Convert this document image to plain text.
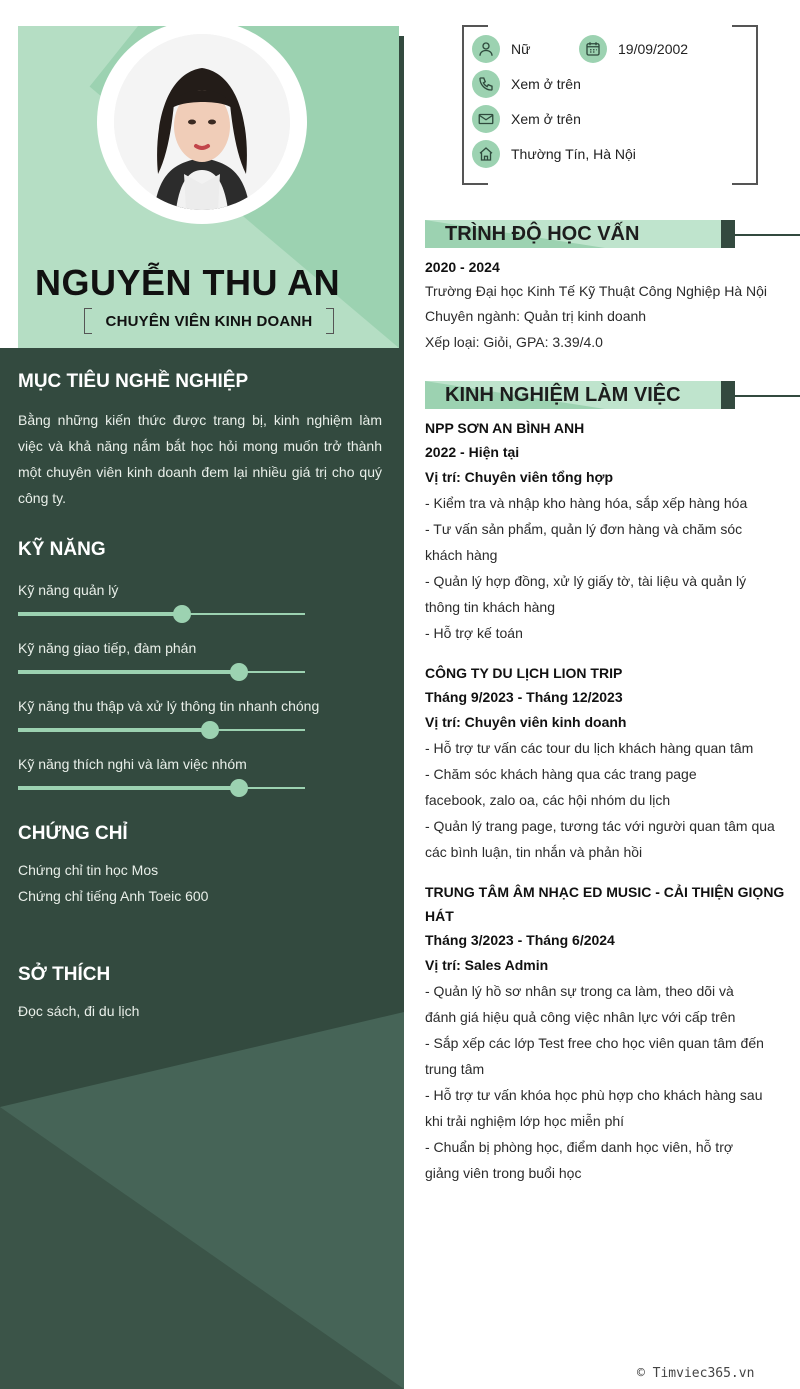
NGUYỄN THU AN
CHUYÊN VIÊN KINH DOANH
MỤC TIÊU NGHỀ NGHIỆP
Bằng những kiến thức được trang bị, kinh nghiệm làm việc và khả năng nắm bắt học hỏi mong muốn trở thành một chuyên viên kinh doanh đem lại nhiều giá trị cho quý công ty.
KỸ NĂNG
Kỹ năng quản lý
Kỹ năng giao tiếp, đàm phán
Kỹ năng thu thập và xử lý thông tin nhanh chóng
Kỹ năng thích nghi và làm việc nhóm
CHỨNG CHỈ
Chứng chỉ tin học Mos
Chứng chỉ tiếng Anh Toeic 600
SỞ THÍCH
Đọc sách, đi du lịch
Nữ	19/09/2002
Xem ở trên
Xem ở trên
Thường Tín, Hà Nội
TRÌNH ĐỘ HỌC VẤN
2020 - 2024
Trường Đại học Kinh Tế Kỹ Thuật Công Nghiệp Hà Nội
Chuyên ngành: Quản trị kinh doanh
Xếp loại: Giỏi, GPA: 3.39/4.0
KINH NGHIỆM LÀM VIỆC
NPP SƠN AN BÌNH ANH
2022 - Hiện tại
Vị trí: Chuyên viên tổng hợp
- Kiểm tra và nhập kho hàng hóa, sắp xếp hàng hóa
- Tư vấn sản phẩm, quản lý đơn hàng và chăm sóc
khách hàng
- Quản lý hợp đồng, xử lý giấy tờ, tài liệu và quản lý
thông tin khách hàng
- Hỗ trợ kế toán
CÔNG TY DU LỊCH LION TRIP
Tháng 9/2023 - Tháng 12/2023
Vị trí: Chuyên viên kinh doanh
- Hỗ trợ tư vấn các tour du lịch khách hàng quan tâm
- Chăm sóc khách hàng qua các trang page
facebook, zalo oa, các hội nhóm du lịch
- Quản lý trang page, tương tác với người quan tâm qua
các bình luận, tin nhắn và phản hồi
TRUNG TÂM ÂM NHẠC ED MUSIC - CẢI THIỆN GIỌNG
HÁT
Tháng 3/2023 - Tháng 6/2024
Vị trí: Sales Admin
- Quản lý hồ sơ nhân sự trong ca làm, theo dõi và
đánh giá hiệu quả công việc nhân lực với cấp trên
- Sắp xếp các lớp Test free cho học viên quan tâm đến
trung tâm
- Hỗ trợ tư vấn khóa học phù hợp cho khách hàng sau
khi trải nghiệm lớp học miễn phí
- Chuẩn bị phòng học, điểm danh học viên, hỗ trợ
giảng viên trong buổi học
© Timviec365.vn
